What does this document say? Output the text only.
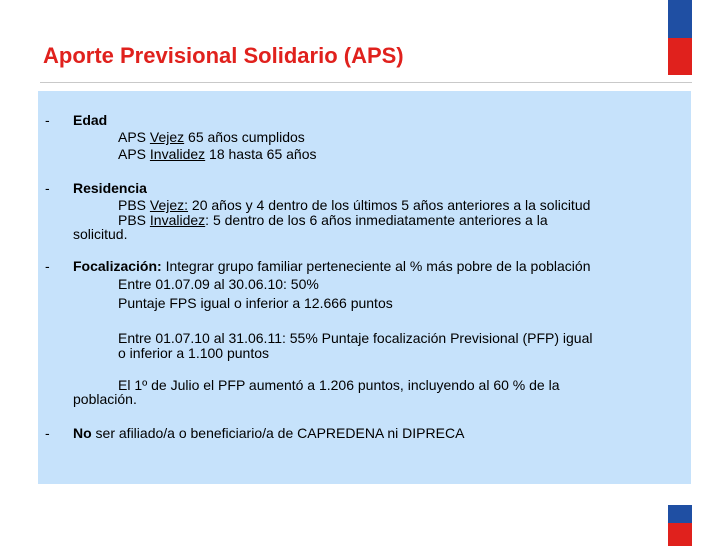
Aporte Previsional Solidario (APS)
- Edad
APS Vejez 65 años cumplidos
APS Invalidez 18 hasta 65 años
- Residencia
PBS Vejez: 20 años y 4 dentro de los últimos 5 años anteriores a la solicitud
PBS Invalidez: 5 dentro de los 6 años inmediatamente anteriores a la
solicitud.
- Focalización: Integrar grupo familiar perteneciente al % más pobre de la población
Entre 01.07.09 al 30.06.10: 50%
Puntaje FPS igual o inferior a 12.666 puntos
Entre 01.07.10 al 31.06.11: 55% Puntaje focalización Previsional (PFP) igual
o inferior a 1.100 puntos
El 1º de Julio el PFP aumentó a 1.206 puntos, incluyendo al 60 % de la
población.
- No ser afiliado/a o beneficiario/a de CAPREDENA ni DIPRECA
